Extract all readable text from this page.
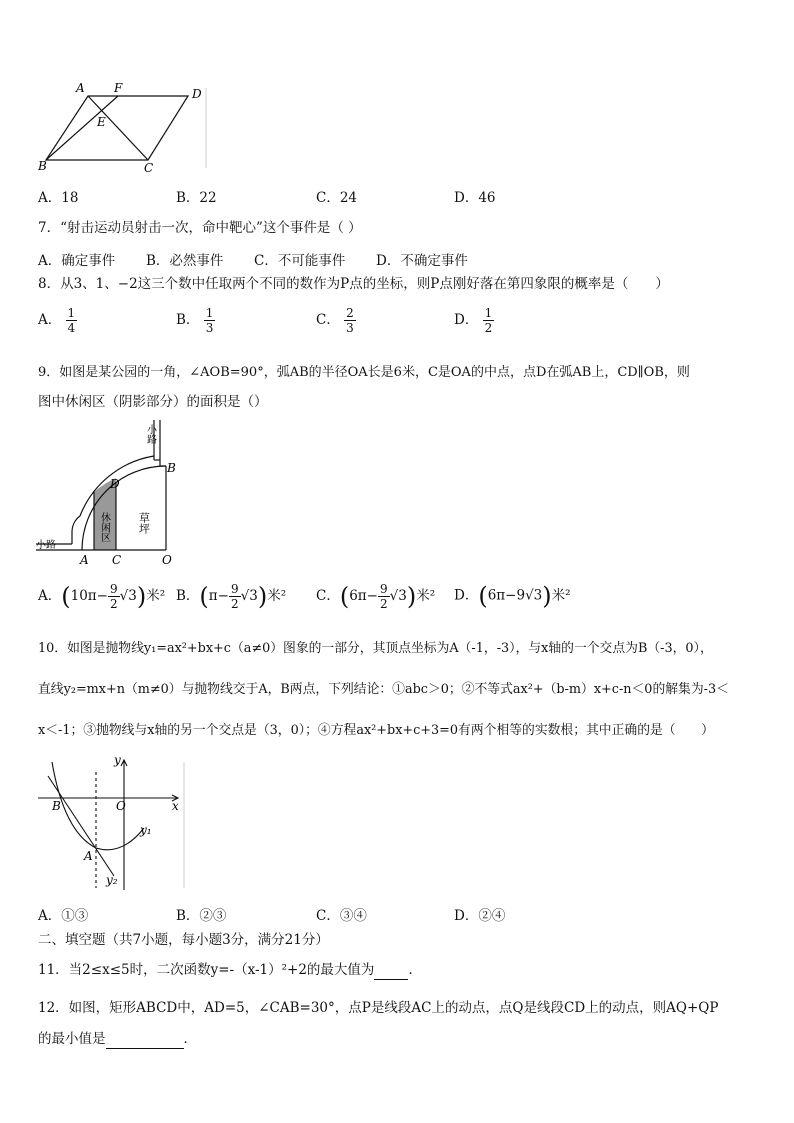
A F	D
E
B	C
A．18	B．22	C．24	D．46
7．“射击运动员射击一次，命中靶心”这个事件是（ ）
A．确定事件 B．必然事件 C．不可能事件 D．不确定事件
8．从3、1、−2这三个数中任取两个不同的数作为P点的坐标，则P点刚好落在第四象限的概率是（　　）
A． $\frac{1}{4}$	B． $\frac{1}{3}$	C． $\frac{2}{3}$	D． $\frac{1}{2}$
9．如图是某公园的一角，∠AOB=90°，弧AB的半径OA长是6米，C是OA的中点，点D在弧AB上，CD∥OB，则
图中休闲区（阴影部分）的面积是（）
小路
小路
休闲区	草坪
B
D
A C	O
A．$(10\pi- \frac{9}{2} √3)$米² B．$(\pi- \frac{9}{2} √3)$米² C．$(6\pi- \frac{9}{2} √3)$米² D．(6π−9√3)米²
10．如图是抛物线y₁=ax²+bx+c（a≠0）图象的一部分，其顶点坐标为A（-1，-3），与x轴的一个交点为B（-3，0），
直线y₂=mx+n（m≠0）与抛物线交于A，B两点，下列结论：①abc＞0；②不等式ax²+（b-m）x+c-n＜0的解集为-3＜
x＜-1；③抛物线与x轴的另一个交点是（3，0）；④方程ax²+bx+c+3=0有两个相等的实数根；其中正确的是（　　）
y
x
O
B
A
y₁
y₂
A．①③	B．②③	C．③④	D．②④
二、填空题（共7小题，每小题3分，满分21分）
11．当2≤x≤5时，二次函数y=-（x-1）²+2的最大值为	．
12．如图，矩形ABCD中，AD=5，∠CAB=30°，点P是线段AC上的动点，点Q是线段CD上的动点，则AQ+QP
的最小值是	．
